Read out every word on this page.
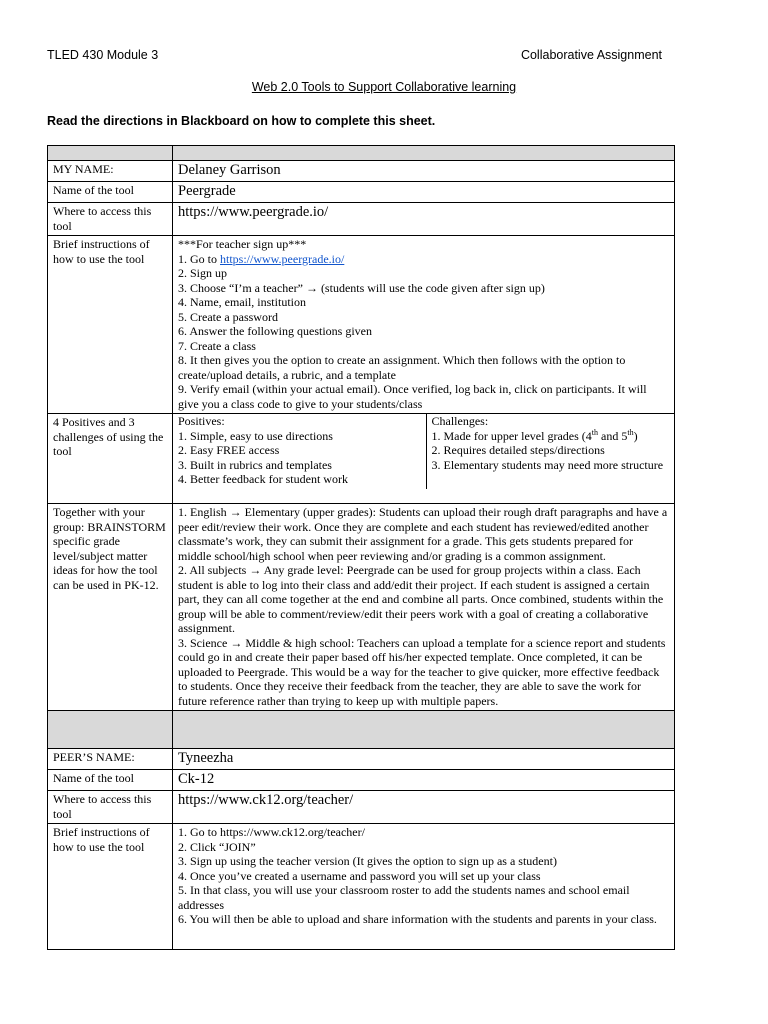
TLED 430 Module 3	Collaborative Assignment
Web 2.0 Tools to Support Collaborative learning
Read the directions in Blackboard on how to complete this sheet.

MY NAME:	Delaney Garrison
Name of the tool	Peergrade
Where to access this tool	https://www.peergrade.io/
Brief instructions of how to use the tool	
***For teacher sign up***
1. Go to https://www.peergrade.io/
2. Sign up
3. Choose “I’m a teacher” → (students will use the code given after sign up)
4. Name, email, institution
5. Create a password
6. Answer the following questions given
7. Create a class
8. It then gives you the option to create an assignment. Which then follows with the option to create/upload details, a rubric, and a template
9. Verify email (within your actual email). Once verified, log back in, click on participants. It will give you a class code to give to your students/class

4 Positives and 3 challenges of using the tool	
Positives:
1. Simple, easy to use directions
2. Easy FREE access
3. Built in rubrics and templates
4. Better feedback for student work

Challenges:
1. Made for upper level grades (4th and 5th)
2. Requires detailed steps/directions
3. Elementary students may need more structure

Together with your group: BRAINSTORM specific grade level/subject matter ideas for how the tool can be used in PK-12.	
1. English → Elementary (upper grades): Students can upload their rough draft paragraphs and have a peer edit/review their work. Once they are complete and each student has reviewed/edited another classmate’s work, they can submit their assignment for a grade. This gets students prepared for middle school/high school when peer reviewing and/or grading is a common assignment.
2. All subjects → Any grade level: Peergrade can be used for group projects within a class. Each student is able to log into their class and add/edit their project. If each student is assigned a certain part, they can all come together at the end and combine all parts. Once combined, students within the group will be able to comment/review/edit their peers work with a goal of creating a collaborative assignment.
3. Science → Middle & high school: Teachers can upload a template for a science report and students could go in and create their paper based off his/her expected template. Once completed, it can be uploaded to Peergrade. This would be a way for the teacher to give quicker, more effective feedback to students. Once they receive their feedback from the teacher, they are able to save the work for future reference rather than trying to keep up with multiple papers.

PEER’S NAME:	Tyneezha
Name of the tool	Ck-12
Where to access this tool	https://www.ck12.org/teacher/
Brief instructions of how to use the tool	
1. Go to https://www.ck12.org/teacher/
2. Click “JOIN”
3. Sign up using the teacher version (It gives the option to sign up as a student)
4. Once you’ve created a username and password you will set up your class
5. In that class, you will use your classroom roster to add the students names and school email addresses
6. You will then be able to upload and share information with the students and parents in your class.
